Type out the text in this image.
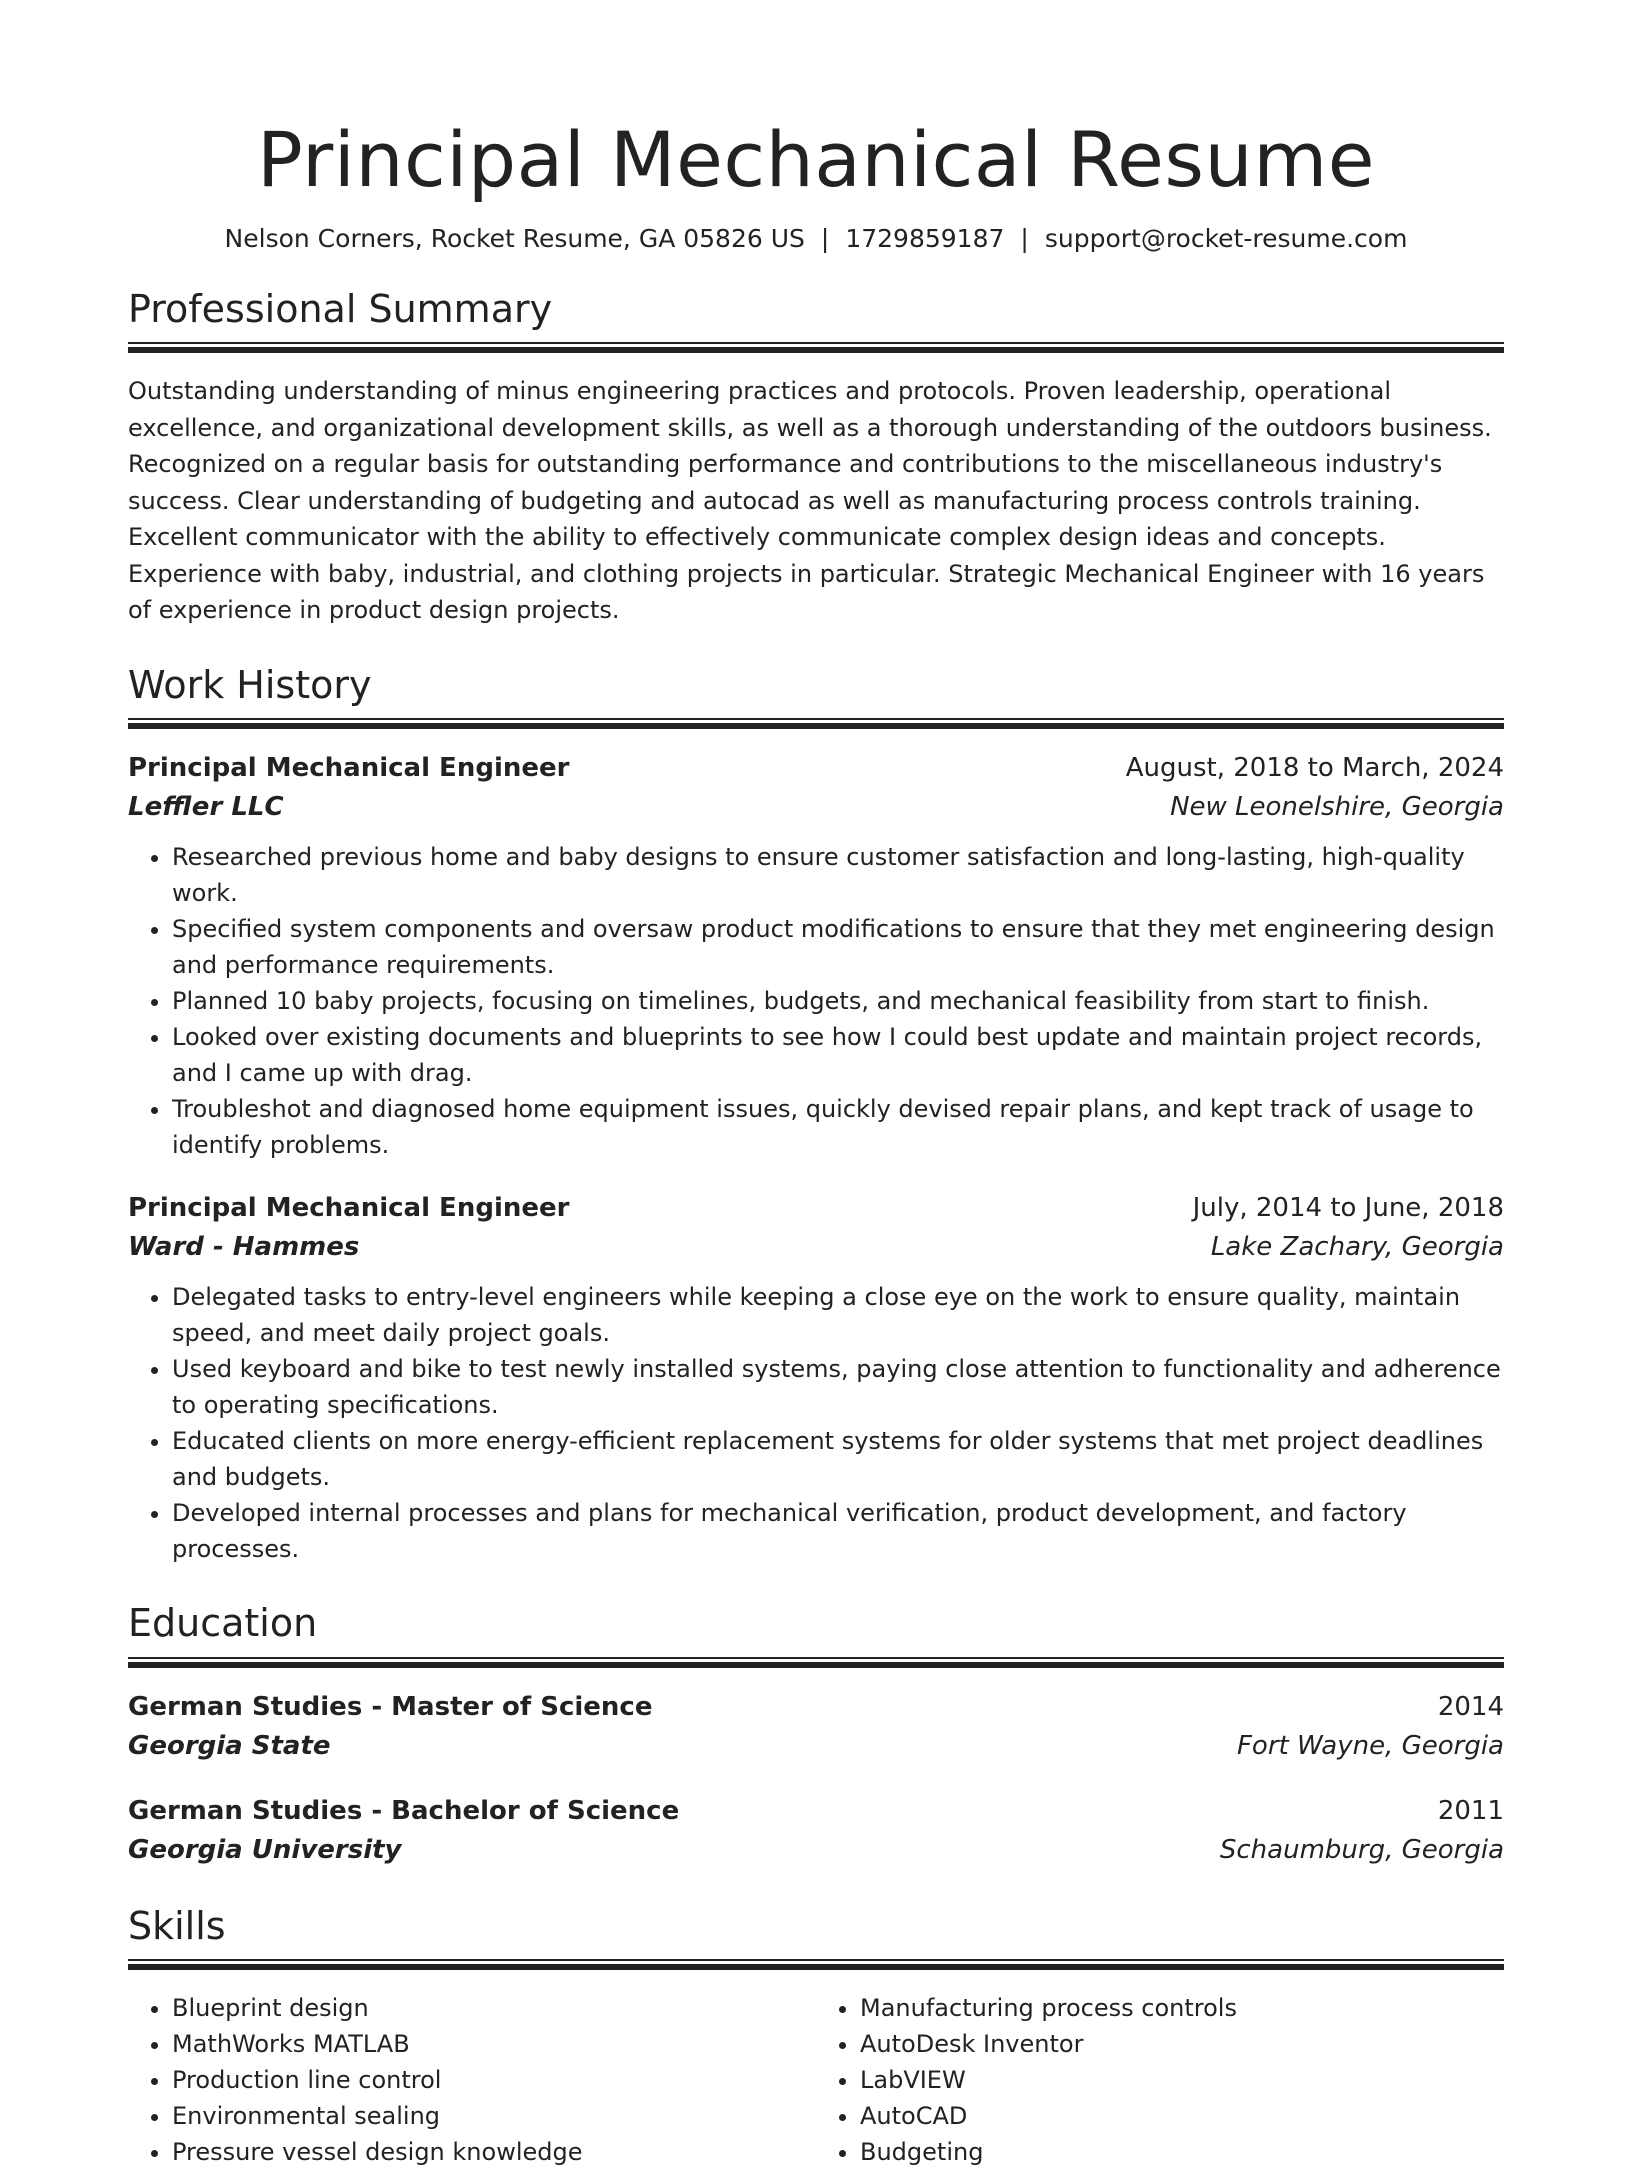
Principal Mechanical Resume
Nelson Corners, Rocket Resume, GA 05826 US | 1729859187 | support@rocket-resume.com
Professional Summary

Outstanding understanding of minus engineering practices and protocols. Proven leadership, operational excellence, and organizational development skills, as well as a thorough understanding of the outdoors business. Recognized on a regular basis for outstanding performance and contributions to the miscellaneous industry's success. Clear understanding of budgeting and autocad as well as manufacturing process controls training. Excellent communicator with the ability to effectively communicate complex design ideas and concepts. Experience with baby, industrial, and clothing projects in particular. Strategic Mechanical Engineer with 16 years of experience in product design projects.

Work History
Principal Mechanical Engineer	August, 2018 to March, 2024
Leffler LLC	New Leonelshire, Georgia
• Researched previous home and baby designs to ensure customer satisfaction and long-lasting, high-quality work.
• Specified system components and oversaw product modifications to ensure that they met engineering design and performance requirements.
• Planned 10 baby projects, focusing on timelines, budgets, and mechanical feasibility from start to finish.
• Looked over existing documents and blueprints to see how I could best update and maintain project records, and I came up with drag.
• Troubleshot and diagnosed home equipment issues, quickly devised repair plans, and kept track of usage to identify problems.
Principal Mechanical Engineer	July, 2014 to June, 2018
Ward - Hammes	Lake Zachary, Georgia
• Delegated tasks to entry-level engineers while keeping a close eye on the work to ensure quality, maintain speed, and meet daily project goals.
• Used keyboard and bike to test newly installed systems, paying close attention to functionality and adherence to operating specifications.
• Educated clients on more energy-efficient replacement systems for older systems that met project deadlines and budgets.
• Developed internal processes and plans for mechanical verification, product development, and factory processes.
Education
German Studies - Master of Science	2014
Georgia State	Fort Wayne, Georgia
German Studies - Bachelor of Science	2011
Georgia University	Schaumburg, Georgia
Skills
• Blueprint design
• MathWorks MATLAB
• Production line control
• Environmental sealing
• Pressure vessel design knowledge
• Manufacturing process controls
• AutoDesk Inventor
• LabVIEW
• AutoCAD
• Budgeting
